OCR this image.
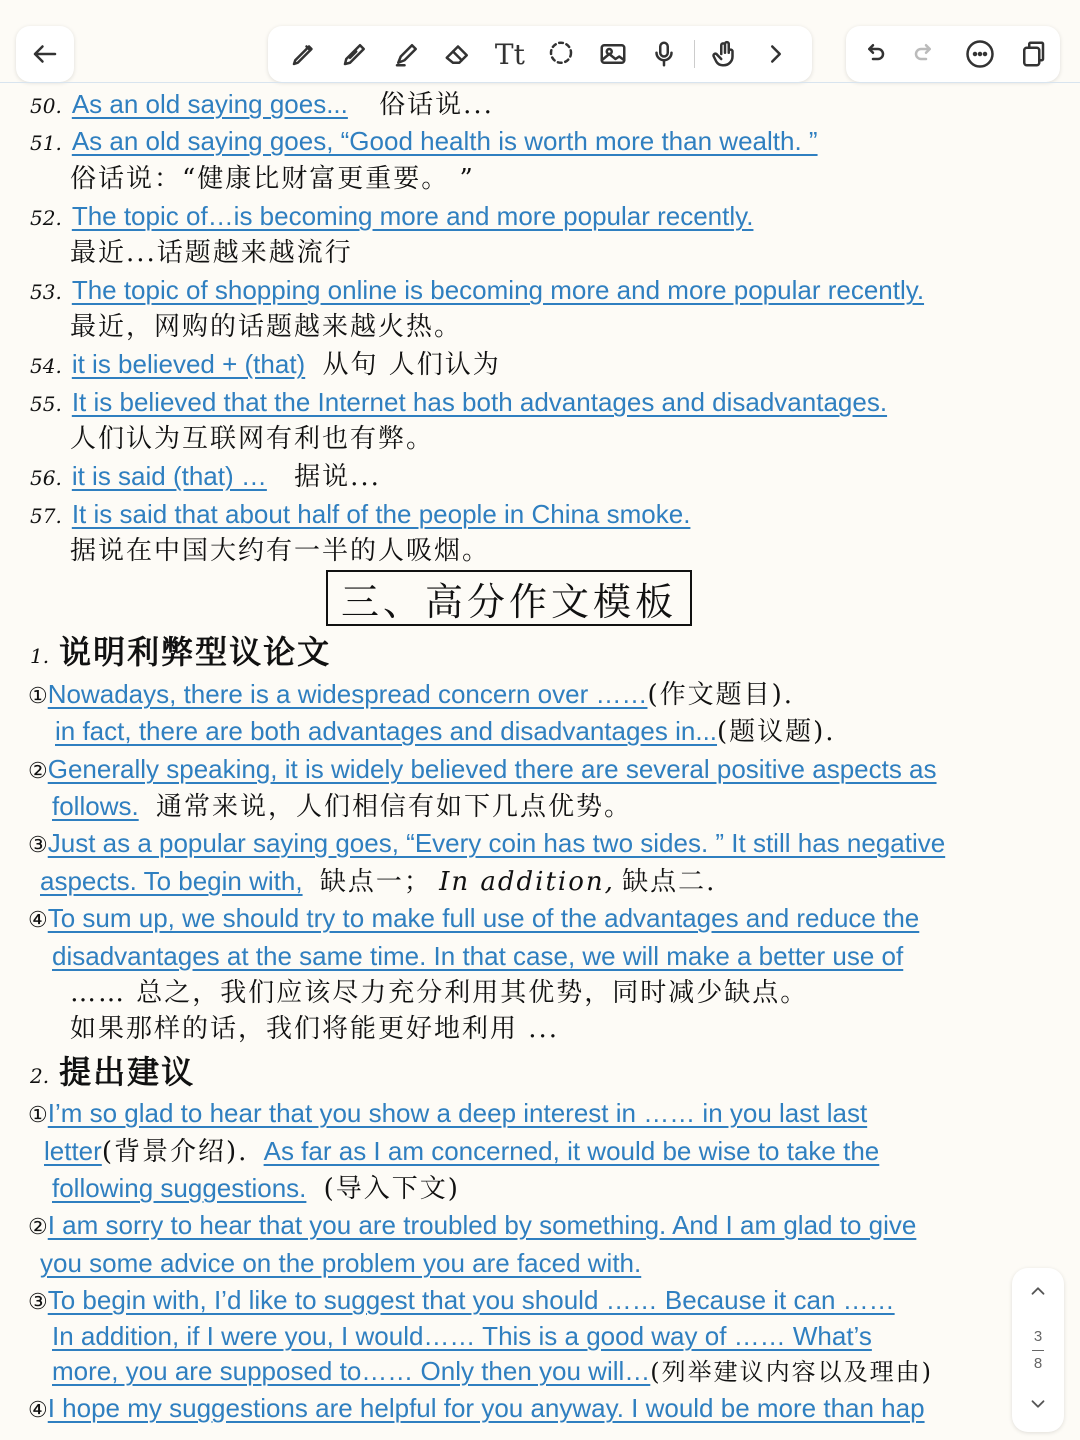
Tt
50. As an old saying goes... 俗话说...
51. As an old saying goes, “Good health is worth more than wealth. ”
俗话说：“健康比财富更重要。 ”
52. The topic of…is becoming more and more popular recently.
最近...话题越来越流行
53. The topic of shopping online is becoming more and more popular recently.
最近，网购的话题越来越火热。
54. it is believed + (that) 从句 人们认为
55. It is believed that the Internet has both advantages and disadvantages.
人们认为互联网有利也有弊。
56. it is said (that) … 据说...
57. It is said that about half of the people in China smoke.
据说在中国大约有一半的人吸烟。
三、高分作文模板
1. 说明利弊型议论文
①Nowadays, there is a widespread concern over ……(作文题目).
in fact, there are both advantages and disadvantages in...(题议题).
②Generally speaking, it is widely believed there are several positive aspects as
follows. 通常来说，人们相信有如下几点优势。
③Just as a popular saying goes, “Every coin has two sides. ” It still has negative
aspects. To begin with, 缺点一； In addition, 缺点二.
④To sum up, we should try to make full use of the advantages and reduce the
disadvantages at the same time. In that case, we will make a better use of
…… 总之，我们应该尽力充分利用其优势，同时减少缺点。
如果那样的话，我们将能更好地利用 ...
2. 提出建议
①I’m so glad to hear that you show a deep interest in …… in you last last
letter(背景介绍). As far as I am concerned, it would be wise to take the
following suggestions. (导入下文)
②I am sorry to hear that you are troubled by something. And I am glad to give
you some advice on the problem you are faced with.
③To begin with, I’d like to suggest that you should …… Because it can ……
In addition, if I were you, I would…… This is a good way of …… What’s
more, you are supposed to…… Only then you will…(列举建议内容以及理由)
④I hope my suggestions are helpful for you anyway. I would be more than hap
3
8
